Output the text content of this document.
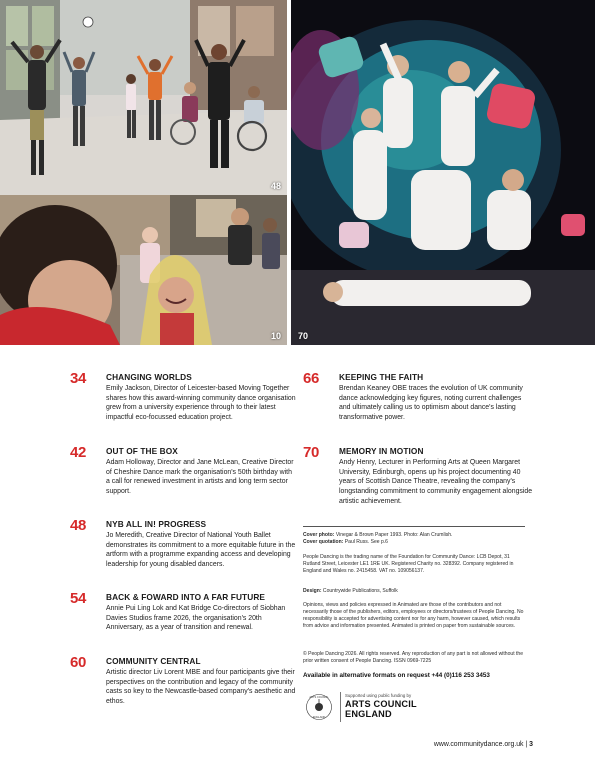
48
10 70
34 CHANGING WORLDS
Emily Jackson, Director of Leicester-based Moving Together shares how this award-winning community dance organisation grew from a university experience through to their latest impactful eco-focussed education project.
42 OUT OF THE BOX
Adam Holloway, Director and Jane McLean, Creative Director of Cheshire Dance mark the organisation's 50th birthday with a call for renewed investment in artists and long term sector support.
48 NYB ALL IN! PROGRESS
Jo Meredith, Creative Director of National Youth Ballet demonstrates its commitment to a more equitable future in the artform with a programme expanding access and developing leadership for young disabled dancers.
54 BACK & FOWARD INTO A FAR FUTURE
Annie Pui Ling Lok and Kat Bridge Co-directors of Siobhan Davies Studios frame 2026, the organisation's 20th Anniversary, as a year of transition and renewal.
60 COMMUNITY CENTRAL
Artistic director Liv Lorent MBE and four participants give their perspectives on the contribution and legacy of the community casts so key to the Newcastle-based company's aesthetic and ethos.
66 KEEPING THE FAITH
Brendan Keaney OBE traces the evolution of UK community dance acknowledging key figures, noting current challenges and ultimately calling us to optimism about dance's lasting transformative power.
70 MEMORY IN MOTION
Andy Henry, Lecturer in Performing Arts at Queen Margaret University, Edinburgh, opens up his project documenting 40 years of Scottish Dance Theatre, revealing the company's longstanding commitment to community engagement alongside artistic achievement.
Cover photo: Vinegar & Brown Paper 1993. Photo: Alan Crumlish.
Cover quotation: Paul Russ. See p.6
People Dancing is the trading name of the Foundation for Community Dance: LCB Depot, 31 Rutland Street, Leicester LE1 1RE UK. Registered Charity no. 328392. Company registered in England and Wales no. 2415458. VAT no. 109056137.
Design: Countrywide Publications, Suffolk
Opinions, views and policies expressed in Animated are those of the contributors and not necessarily those of the publishers, editors, employees or directors/trustees of People Dancing. No responsibility is accepted for advertising content nor for any harm, however caused, which results from advice and information presented. Animated is printed on paper from sustainable sources.
© People Dancing 2026. All rights reserved. Any reproduction of any part is not allowed without the prior written consent of People Dancing. ISSN 0969-7225
Available in alternative formats on request +44 (0)116 253 3453
ARTS COUNCIL
ENGLAND
Supported using public funding by
ARTS COUNCIL
ENGLAND
www.communitydance.org.uk | 3
